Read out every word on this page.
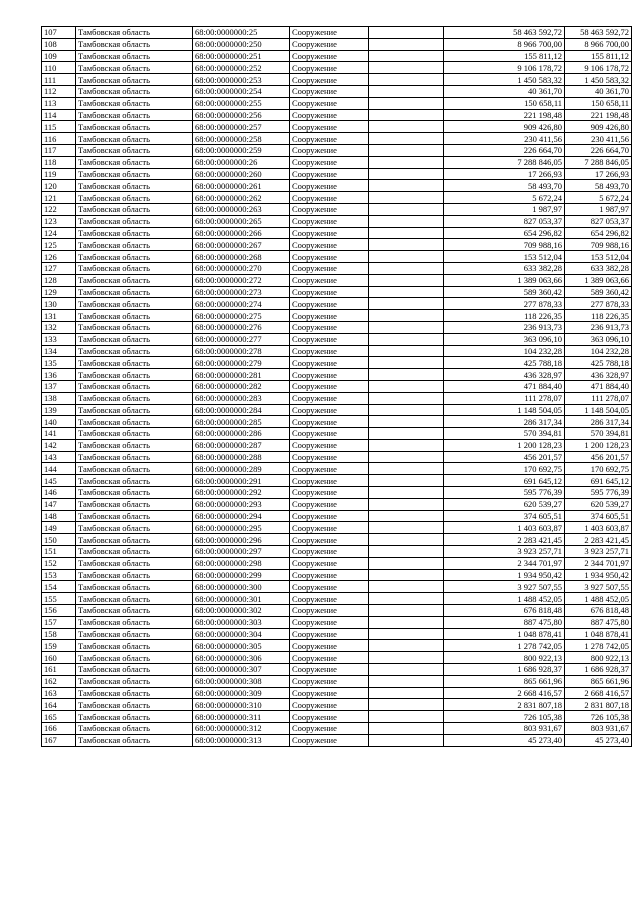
107	Тамбовская область	68:00:0000000:25	Сооружение		58 463 592,72	58 463 592,72
108	Тамбовская область	68:00:0000000:250	Сооружение		8 966 700,00	8 966 700,00
109	Тамбовская область	68:00:0000000:251	Сооружение		155 811,12	155 811,12
110	Тамбовская область	68:00:0000000:252	Сооружение		9 106 178,72	9 106 178,72
111	Тамбовская область	68:00:0000000:253	Сооружение		1 450 583,32	1 450 583,32
112	Тамбовская область	68:00:0000000:254	Сооружение		40 361,70	40 361,70
113	Тамбовская область	68:00:0000000:255	Сооружение		150 658,11	150 658,11
114	Тамбовская область	68:00:0000000:256	Сооружение		221 198,48	221 198,48
115	Тамбовская область	68:00:0000000:257	Сооружение		909 426,80	909 426,80
116	Тамбовская область	68:00:0000000:258	Сооружение		230 411,56	230 411,56
117	Тамбовская область	68:00:0000000:259	Сооружение		226 664,70	226 664,70
118	Тамбовская область	68:00:0000000:26	Сооружение		7 288 846,05	7 288 846,05
119	Тамбовская область	68:00:0000000:260	Сооружение		17 266,93	17 266,93
120	Тамбовская область	68:00:0000000:261	Сооружение		58 493,70	58 493,70
121	Тамбовская область	68:00:0000000:262	Сооружение		5 672,24	5 672,24
122	Тамбовская область	68:00:0000000:263	Сооружение		1 987,97	1 987,97
123	Тамбовская область	68:00:0000000:265	Сооружение		827 053,37	827 053,37
124	Тамбовская область	68:00:0000000:266	Сооружение		654 296,82	654 296,82
125	Тамбовская область	68:00:0000000:267	Сооружение		709 988,16	709 988,16
126	Тамбовская область	68:00:0000000:268	Сооружение		153 512,04	153 512,04
127	Тамбовская область	68:00:0000000:270	Сооружение		633 382,28	633 382,28
128	Тамбовская область	68:00:0000000:272	Сооружение		1 389 063,66	1 389 063,66
129	Тамбовская область	68:00:0000000:273	Сооружение		589 360,42	589 360,42
130	Тамбовская область	68:00:0000000:274	Сооружение		277 878,33	277 878,33
131	Тамбовская область	68:00:0000000:275	Сооружение		118 226,35	118 226,35
132	Тамбовская область	68:00:0000000:276	Сооружение		236 913,73	236 913,73
133	Тамбовская область	68:00:0000000:277	Сооружение		363 096,10	363 096,10
134	Тамбовская область	68:00:0000000:278	Сооружение		104 232,28	104 232,28
135	Тамбовская область	68:00:0000000:279	Сооружение		425 788,18	425 788,18
136	Тамбовская область	68:00:0000000:281	Сооружение		436 328,97	436 328,97
137	Тамбовская область	68:00:0000000:282	Сооружение		471 884,40	471 884,40
138	Тамбовская область	68:00:0000000:283	Сооружение		111 278,07	111 278,07
139	Тамбовская область	68:00:0000000:284	Сооружение		1 148 504,05	1 148 504,05
140	Тамбовская область	68:00:0000000:285	Сооружение		286 317,34	286 317,34
141	Тамбовская область	68:00:0000000:286	Сооружение		570 394,81	570 394,81
142	Тамбовская область	68:00:0000000:287	Сооружение		1 200 128,23	1 200 128,23
143	Тамбовская область	68:00:0000000:288	Сооружение		456 201,57	456 201,57
144	Тамбовская область	68:00:0000000:289	Сооружение		170 692,75	170 692,75
145	Тамбовская область	68:00:0000000:291	Сооружение		691 645,12	691 645,12
146	Тамбовская область	68:00:0000000:292	Сооружение		595 776,39	595 776,39
147	Тамбовская область	68:00:0000000:293	Сооружение		620 539,27	620 539,27
148	Тамбовская область	68:00:0000000:294	Сооружение		374 605,51	374 605,51
149	Тамбовская область	68:00:0000000:295	Сооружение		1 403 603,87	1 403 603,87
150	Тамбовская область	68:00:0000000:296	Сооружение		2 283 421,45	2 283 421,45
151	Тамбовская область	68:00:0000000:297	Сооружение		3 923 257,71	3 923 257,71
152	Тамбовская область	68:00:0000000:298	Сооружение		2 344 701,97	2 344 701,97
153	Тамбовская область	68:00:0000000:299	Сооружение		1 934 950,42	1 934 950,42
154	Тамбовская область	68:00:0000000:300	Сооружение		3 927 507,55	3 927 507,55
155	Тамбовская область	68:00:0000000:301	Сооружение		1 488 452,05	1 488 452,05
156	Тамбовская область	68:00:0000000:302	Сооружение		676 818,48	676 818,48
157	Тамбовская область	68:00:0000000:303	Сооружение		887 475,80	887 475,80
158	Тамбовская область	68:00:0000000:304	Сооружение		1 048 878,41	1 048 878,41
159	Тамбовская область	68:00:0000000:305	Сооружение		1 278 742,05	1 278 742,05
160	Тамбовская область	68:00:0000000:306	Сооружение		800 922,13	800 922,13
161	Тамбовская область	68:00:0000000:307	Сооружение		1 686 928,37	1 686 928,37
162	Тамбовская область	68:00:0000000:308	Сооружение		865 661,96	865 661,96
163	Тамбовская область	68:00:0000000:309	Сооружение		2 668 416,57	2 668 416,57
164	Тамбовская область	68:00:0000000:310	Сооружение		2 831 807,18	2 831 807,18
165	Тамбовская область	68:00:0000000:311	Сооружение		726 105,38	726 105,38
166	Тамбовская область	68:00:0000000:312	Сооружение		803 931,67	803 931,67
167	Тамбовская область	68:00:0000000:313	Сооружение		45 273,40	45 273,40
